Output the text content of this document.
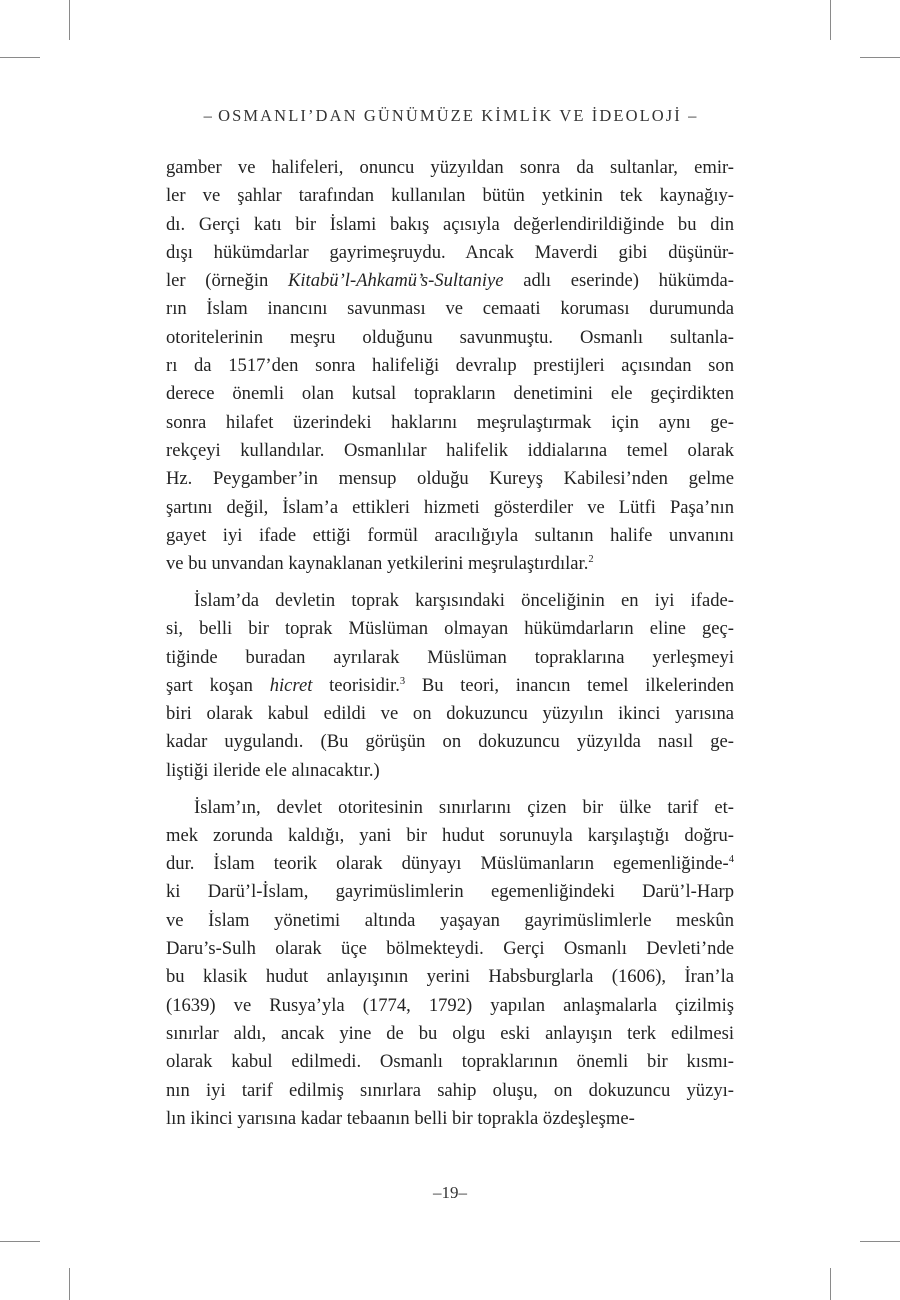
– OSMANLI’DAN GÜNÜMÜZE KİMLİK VE İDEOLOJİ –
gamber ve halifeleri, onuncu yüzyıldan sonra da sultanlar, emir-
ler ve şahlar tarafından kullanılan bütün yetkinin tek kaynağıy-
dı. Gerçi katı bir İslami bakış açısıyla değerlendirildiğinde bu din
dışı hükümdarlar gayrimeşruydu. Ancak Maverdi gibi düşünür-
ler (örneğin Kitabü’l-Ahkamü’s-Sultaniye adlı eserinde) hükümda-
rın İslam inancını savunması ve cemaati koruması durumunda
otoritelerinin meşru olduğunu savunmuştu. Osmanlı sultanla-
rı da 1517’den sonra halifeliği devralıp prestijleri açısından son
derece önemli olan kutsal toprakların denetimini ele geçirdikten
sonra hilafet üzerindeki haklarını meşrulaştırmak için aynı ge-
rekçeyi kullandılar. Osmanlılar halifelik iddialarına temel olarak
Hz. Peygamber’in mensup olduğu Kureyş Kabilesi’nden gelme
şartını değil, İslam’a ettikleri hizmeti gösterdiler ve Lütfi Paşa’nın
gayet iyi ifade ettiği formül aracılığıyla sultanın halife unvanını
ve bu unvandan kaynaklanan yetkilerini meşrulaştırdılar.$^2$
İslam’da devletin toprak karşısındaki önceliğinin en iyi ifade-
si, belli bir toprak Müslüman olmayan hükümdarların eline geç-
tiğinde buradan ayrılarak Müslüman topraklarına yerleşmeyi
şart koşan hicret teorisidir.$^3$ Bu teori, inancın temel ilkelerinden
biri olarak kabul edildi ve on dokuzuncu yüzyılın ikinci yarısına
kadar uygulandı. (Bu görüşün on dokuzuncu yüzyılda nasıl ge-
liştiği ileride ele alınacaktır.)
İslam’ın, devlet otoritesinin sınırlarını çizen bir ülke tarif et-
mek zorunda kaldığı, yani bir hudut sorunuyla karşılaştığı doğru-
dur. İslam teorik olarak dünyayı Müslümanların egemenliğinde-$^4$
ki Darü’l-İslam, gayrimüslimlerin egemenliğindeki Darü’l-Harp
ve İslam yönetimi altında yaşayan gayrimüslimlerle meskûn
Daru’s-Sulh olarak üçe bölmekteydi. Gerçi Osmanlı Devleti’nde
bu klasik hudut anlayışının yerini Habsburglarla (1606), İran’la
(1639) ve Rusya’yla (1774, 1792) yapılan anlaşmalarla çizilmiş
sınırlar aldı, ancak yine de bu olgu eski anlayışın terk edilmesi
olarak kabul edilmedi. Osmanlı topraklarının önemli bir kısmı-
nın iyi tarif edilmiş sınırlara sahip oluşu, on dokuzuncu yüzyı-
lın ikinci yarısına kadar tebaanın belli bir toprakla özdeşleşme-
–19–
